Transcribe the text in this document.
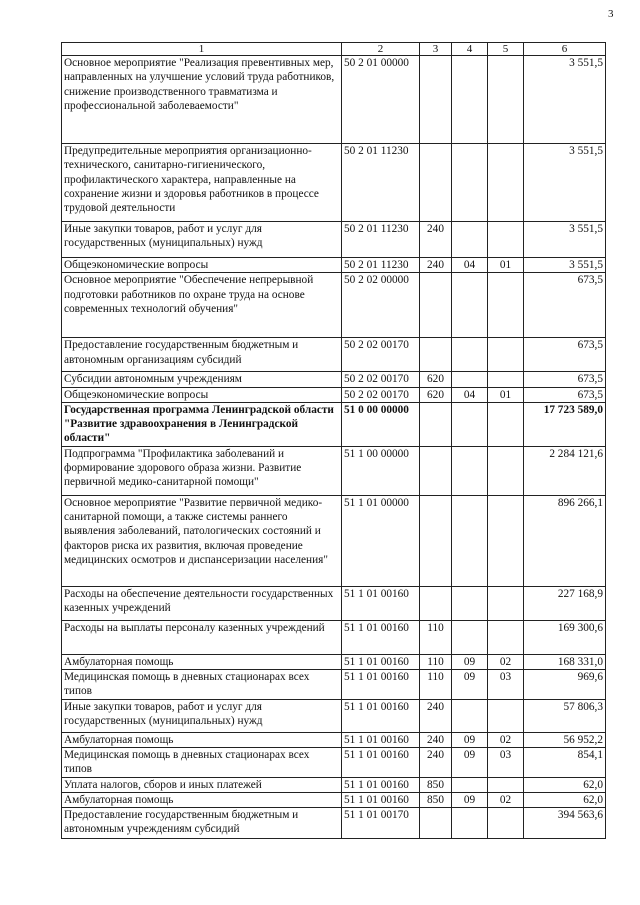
3
1	2	3	4	5	6
Основное мероприятие "Реализация превентивных мер, направленных на улучшение условий труда работников, снижение производственного травматизма и профессиональной заболеваемости"	50 2 01 00000				3 551,5
Предупредительные мероприятия организационно-технического, санитарно-гигиенического, профилактического характера, направленные на сохранение жизни и здоровья работников в процессе трудовой деятельности	50 2 01 11230				3 551,5
Иные закупки товаров, работ и услуг для государственных (муниципальных) нужд	50 2 01 11230	240			3 551,5
Общеэкономические вопросы	50 2 01 11230	240	04	01	3 551,5
Основное мероприятие "Обеспечение непрерывной подготовки работников по охране труда на основе современных технологий обучения"	50 2 02 00000				673,5
Предоставление государственным бюджетным и автономным организациям субсидий	50 2 02 00170				673,5
Субсидии автономным учреждениям	50 2 02 00170	620			673,5
Общеэкономические вопросы	50 2 02 00170	620	04	01	673,5
Государственная программа Ленинградской области "Развитие здравоохранения в Ленинградской области"	51 0 00 00000				17 723 589,0
Подпрограмма "Профилактика заболеваний и формирование здорового образа жизни. Развитие первичной медико-санитарной помощи"	51 1 00 00000				2 284 121,6
Основное мероприятие "Развитие первичной медико-санитарной помощи, а также системы раннего выявления заболеваний, патологических состояний и факторов риска их развития, включая проведение медицинских осмотров и диспансеризации населения"	51 1 01 00000				896 266,1
Расходы на обеспечение деятельности государственных казенных учреждений	51 1 01 00160				227 168,9
Расходы на выплаты персоналу казенных учреждений	51 1 01 00160	110			169 300,6
Амбулаторная помощь	51 1 01 00160	110	09	02	168 331,0
Медицинская помощь в дневных стационарах всех типов	51 1 01 00160	110	09	03	969,6
Иные закупки товаров, работ и услуг для государственных (муниципальных) нужд	51 1 01 00160	240			57 806,3
Амбулаторная помощь	51 1 01 00160	240	09	02	56 952,2
Медицинская помощь в дневных стационарах всех типов	51 1 01 00160	240	09	03	854,1
Уплата налогов, сборов и иных платежей	51 1 01 00160	850			62,0
Амбулаторная помощь	51 1 01 00160	850	09	02	62,0
Предоставление государственным бюджетным и автономным учреждениям субсидий	51 1 01 00170				394 563,6
